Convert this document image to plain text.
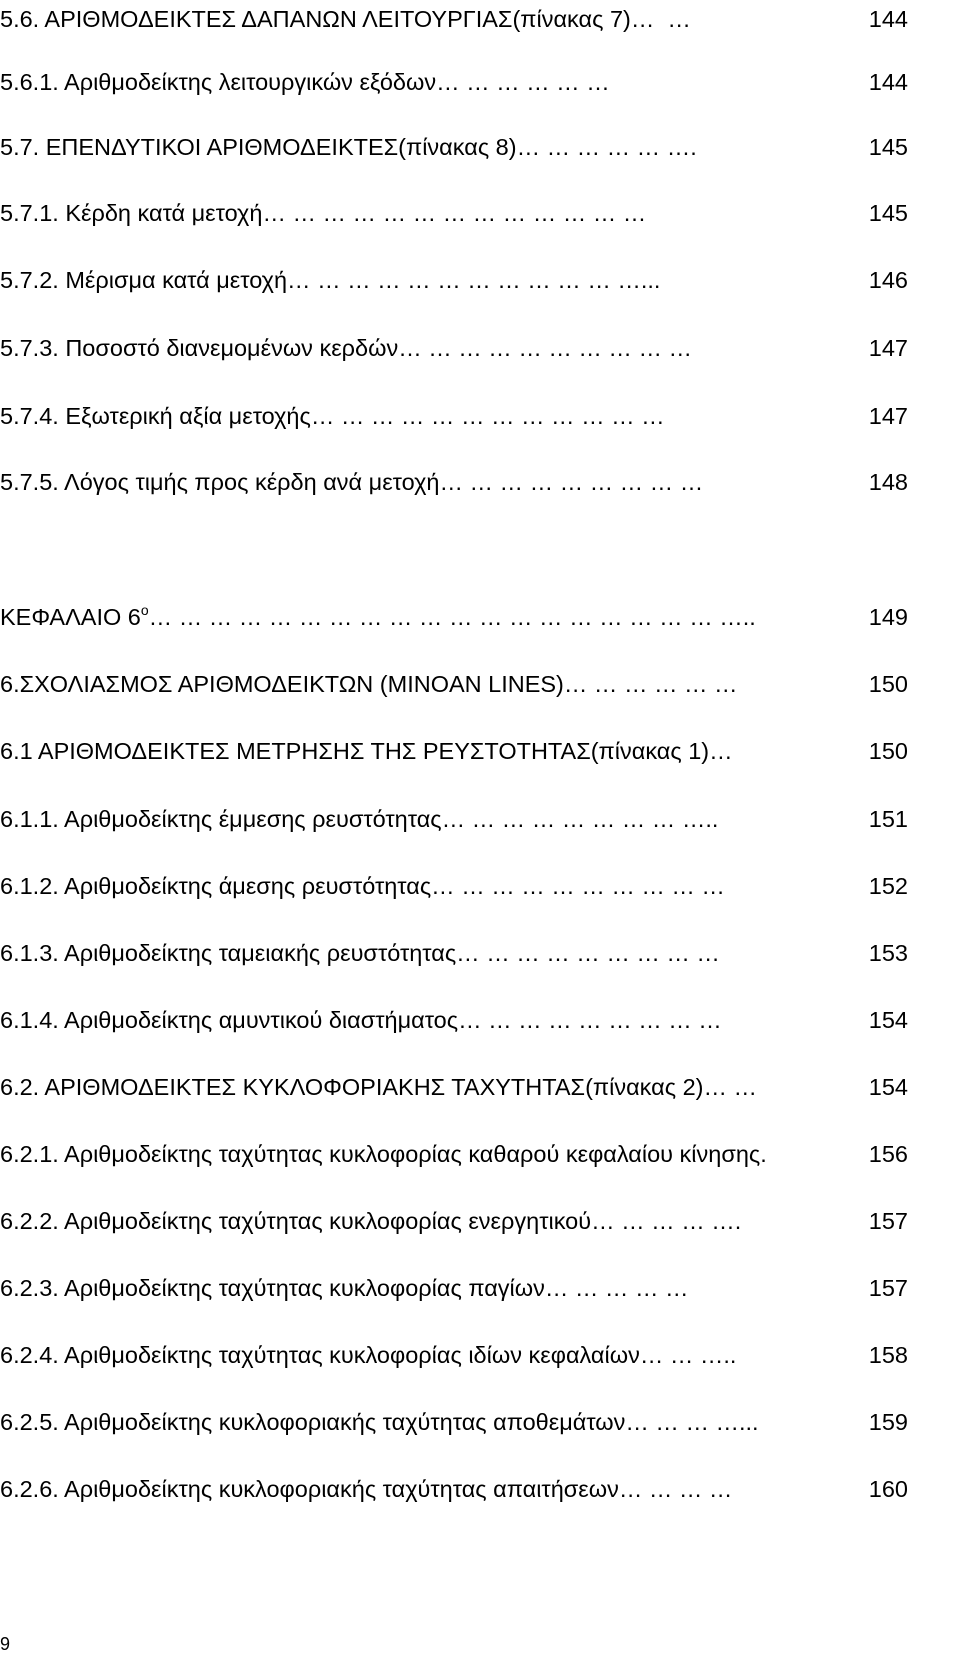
5.6. ΑΡΙΘΜΟΔΕΙΚΤΕΣ ΔΑΠΑΝΩΝ ΛΕΙΤΟΥΡΓΙΑΣ(πίνακας 7)…  …	144
5.6.1. Αριθμοδείκτης λειτουργικών εξόδων… … … … … …	144
5.7. ΕΠΕΝΔΥΤΙΚΟΙ ΑΡΙΘΜΟΔΕΙΚΤΕΣ(πίνακας 8)… … … … … ….	145
5.7.1. Κέρδη κατά μετοχή… … … … … … … … … … … … …	145
5.7.2. Μέρισμα κατά μετοχή… … … … … … … … … … … …...	146
5.7.3. Ποσοστό διανεμομένων κερδών… … … … … … … … … …	147
5.7.4. Εξωτερική αξία μετοχής… … … … … … … … … … … …	147
5.7.5. Λόγος τιμής προς κέρδη ανά μετοχή… … … … … … … … …	148
ΚΕΦΑΛΑΙΟ $6^o\dots$ … … … … … … … … … … … … … … … … … … …..	149
6.ΣΧΟΛΙΑΣΜΟΣ ΑΡΙΘΜΟΔΕΙΚΤΩΝ (MINOAN LINES)… … … … … …	150
6.1 ΑΡΙΘΜΟΔΕΙΚΤΕΣ ΜΕΤΡΗΣΗΣ ΤΗΣ ΡΕΥΣΤΟΤΗΤΑΣ(πίνακας 1)…	150
6.1.1. Αριθμοδείκτης έμμεσης ρευστότητας… … … … … … … … …..	151
6.1.2. Αριθμοδείκτης άμεσης ρευστότητας… … … … … … … … … …	152
6.1.3. Αριθμοδείκτης ταμειακής ρευστότητας… … … … … … … … …	153
6.1.4. Αριθμοδείκτης αμυντικού διαστήματος… … … … … … … … …	154
6.2. ΑΡΙΘΜΟΔΕΙΚΤΕΣ ΚΥΚΛΟΦΟΡΙΑΚΗΣ ΤΑΧΥΤΗΤΑΣ(πίνακας 2)… …	154
6.2.1. Αριθμοδείκτης ταχύτητας κυκλοφορίας καθαρού κεφαλαίου κίνησης.	156
6.2.2. Αριθμοδείκτης ταχύτητας κυκλοφορίας ενεργητικού… … … … ….	157
6.2.3. Αριθμοδείκτης ταχύτητας κυκλοφορίας παγίων… … … … …	157
6.2.4. Αριθμοδείκτης ταχύτητας κυκλοφορίας ιδίων κεφαλαίων… … …..	158
6.2.5. Αριθμοδείκτης κυκλοφοριακής ταχύτητας αποθεμάτων… … … …...	159
6.2.6. Αριθμοδείκτης κυκλοφοριακής ταχύτητας απαιτήσεων… … … …	160
9
